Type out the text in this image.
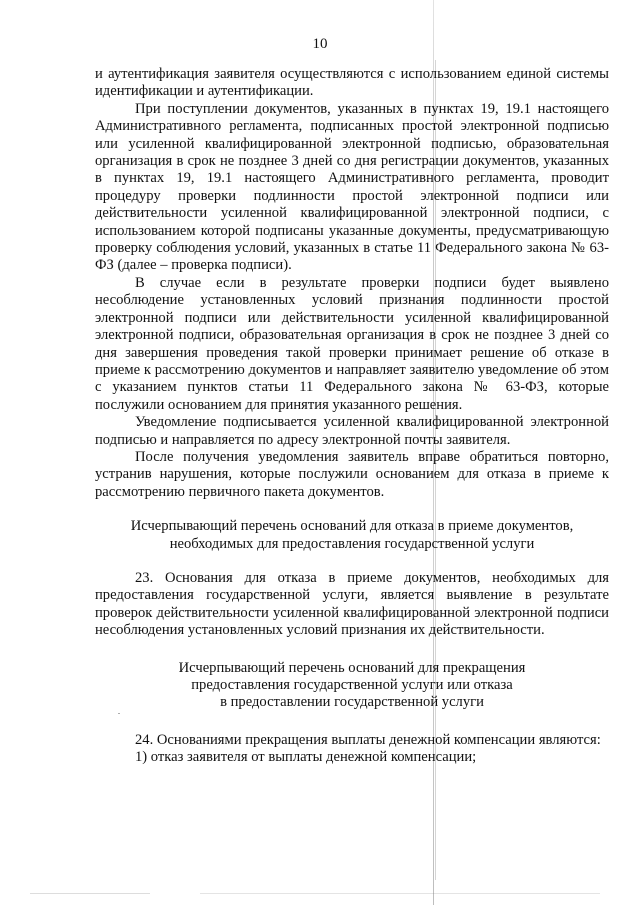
10

и аутентификация заявителя осуществляются с использованием единой системы идентификации и аутентификации.

При поступлении документов, указанных в пунктах 19, 19.1 настоящего Административного регламента, подписанных простой электронной подписью или усиленной квалифицированной электронной подписью, образовательная организация в срок не позднее 3 дней со дня регистрации документов, указанных в пунктах 19, 19.1 настоящего Административного регламента, проводит процедуру проверки подлинности простой электронной подписи или действительности усиленной квалифицированной электронной подписи, с использованием которой подписаны указанные документы, предусматривающую проверку соблюдения условий, указанных в статье 11 Федерального закона № 63-ФЗ (далее – проверка подписи).

В случае если в результате проверки подписи будет выявлено несоблюдение установленных условий признания подлинности простой электронной подписи или действительности усиленной квалифицированной электронной подписи, образовательная организация в срок не позднее 3 дней со дня завершения проведения такой проверки принимает решение об отказе в приеме к рассмотрению документов и направляет заявителю уведомление об этом с указанием пунктов статьи 11 Федерального закона № 63-ФЗ, которые послужили основанием для принятия указанного решения.

Уведомление подписывается усиленной квалифицированной электронной подписью и направляется по адресу электронной почты заявителя.

После получения уведомления заявитель вправе обратиться повторно, устранив нарушения, которые послужили основанием для отказа в приеме к рассмотрению первичного пакета документов.

Исчерпывающий перечень оснований для отказа в приеме документов,

необходимых для предоставления государственной услуги

23. Основания для отказа в приеме документов, необходимых для предоставления государственной услуги, является выявление в результате проверок действительности усиленной квалифицированной электронной подписи несоблюдения установленных условий признания их действительности.

Исчерпывающий перечень оснований для прекращения

предоставления государственной услуги или отказа

в предоставлении государственной услуги

24. Основаниями прекращения выплаты денежной компенсации являются:

1) отказ заявителя от выплаты денежной компенсации;
